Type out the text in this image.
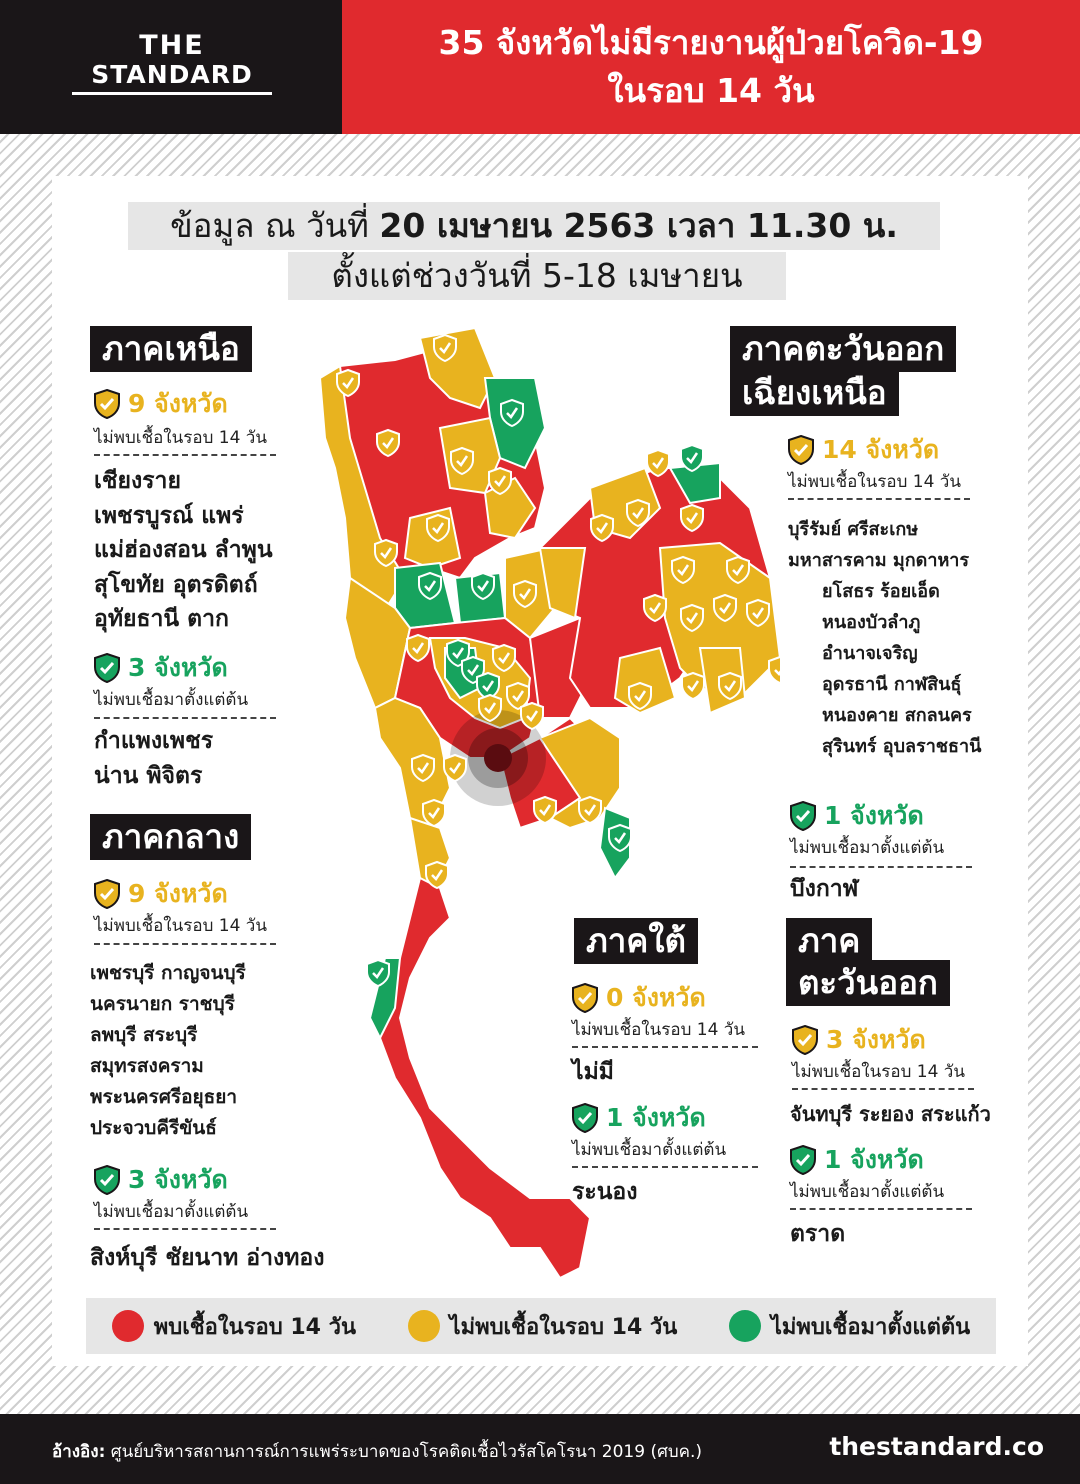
THE
STANDARD
35 จังหวัดไม่มีรายงานผู้ป่วยโควิด-19
ในรอบ 14 วัน
ข้อมูล ณ วันที่ 20 เมษายน 2563 เวลา 11.30 น.
ตั้งแต่ช่วงวันที่ 5-18 เมษายน
ภาคเหนือ
9 จังหวัด
ไม่พบเชื้อในรอบ 14 วัน
เชียงราย
เพชรบูรณ์ แพร่
แม่ฮ่องสอน ลำพูน
สุโขทัย อุตรดิตถ์
อุทัยธานี ตาก
3 จังหวัด
ไม่พบเชื้อมาตั้งแต่ต้น
กำแพงเพชร
น่าน พิจิตร
ภาคกลาง
9 จังหวัด
ไม่พบเชื้อในรอบ 14 วัน
เพชรบุรี กาญจนบุรี
นครนายก ราชบุรี
ลพบุรี สระบุรี
สมุทรสงคราม
พระนครศรีอยุธยา
ประจวบคีรีขันธ์
3 จังหวัด
ไม่พบเชื้อมาตั้งแต่ต้น
สิงห์บุรี ชัยนาท อ่างทอง
ภาคตะวันออก
เฉียงเหนือ
14 จังหวัด
ไม่พบเชื้อในรอบ 14 วัน
บุรีรัมย์ ศรีสะเกษ
มหาสารคาม มุกดาหาร
ยโสธร ร้อยเอ็ด
หนองบัวลำภู
อำนาจเจริญ
อุดรธานี กาฬสินธุ์
หนองคาย สกลนคร
สุรินทร์ อุบลราชธานี
1 จังหวัด
ไม่พบเชื้อมาตั้งแต่ต้น
บึงกาฬ
ภาคใต้
0 จังหวัด
ไม่พบเชื้อในรอบ 14 วัน
ไม่มี
1 จังหวัด
ไม่พบเชื้อมาตั้งแต่ต้น
ระนอง
ภาค
ตะวันออก
3 จังหวัด
ไม่พบเชื้อในรอบ 14 วัน
จันทบุรี ระยอง สระแก้ว
1 จังหวัด
ไม่พบเชื้อมาตั้งแต่ต้น
ตราด
พบเชื้อในรอบ 14 วัน	ไม่พบเชื้อในรอบ 14 วัน	ไม่พบเชื้อมาตั้งแต่ต้น
อ้างอิง: ศูนย์บริหารสถานการณ์การแพร่ระบาดของโรคติดเชื้อไวรัสโคโรนา 2019 (ศบค.)	thestandard.co
